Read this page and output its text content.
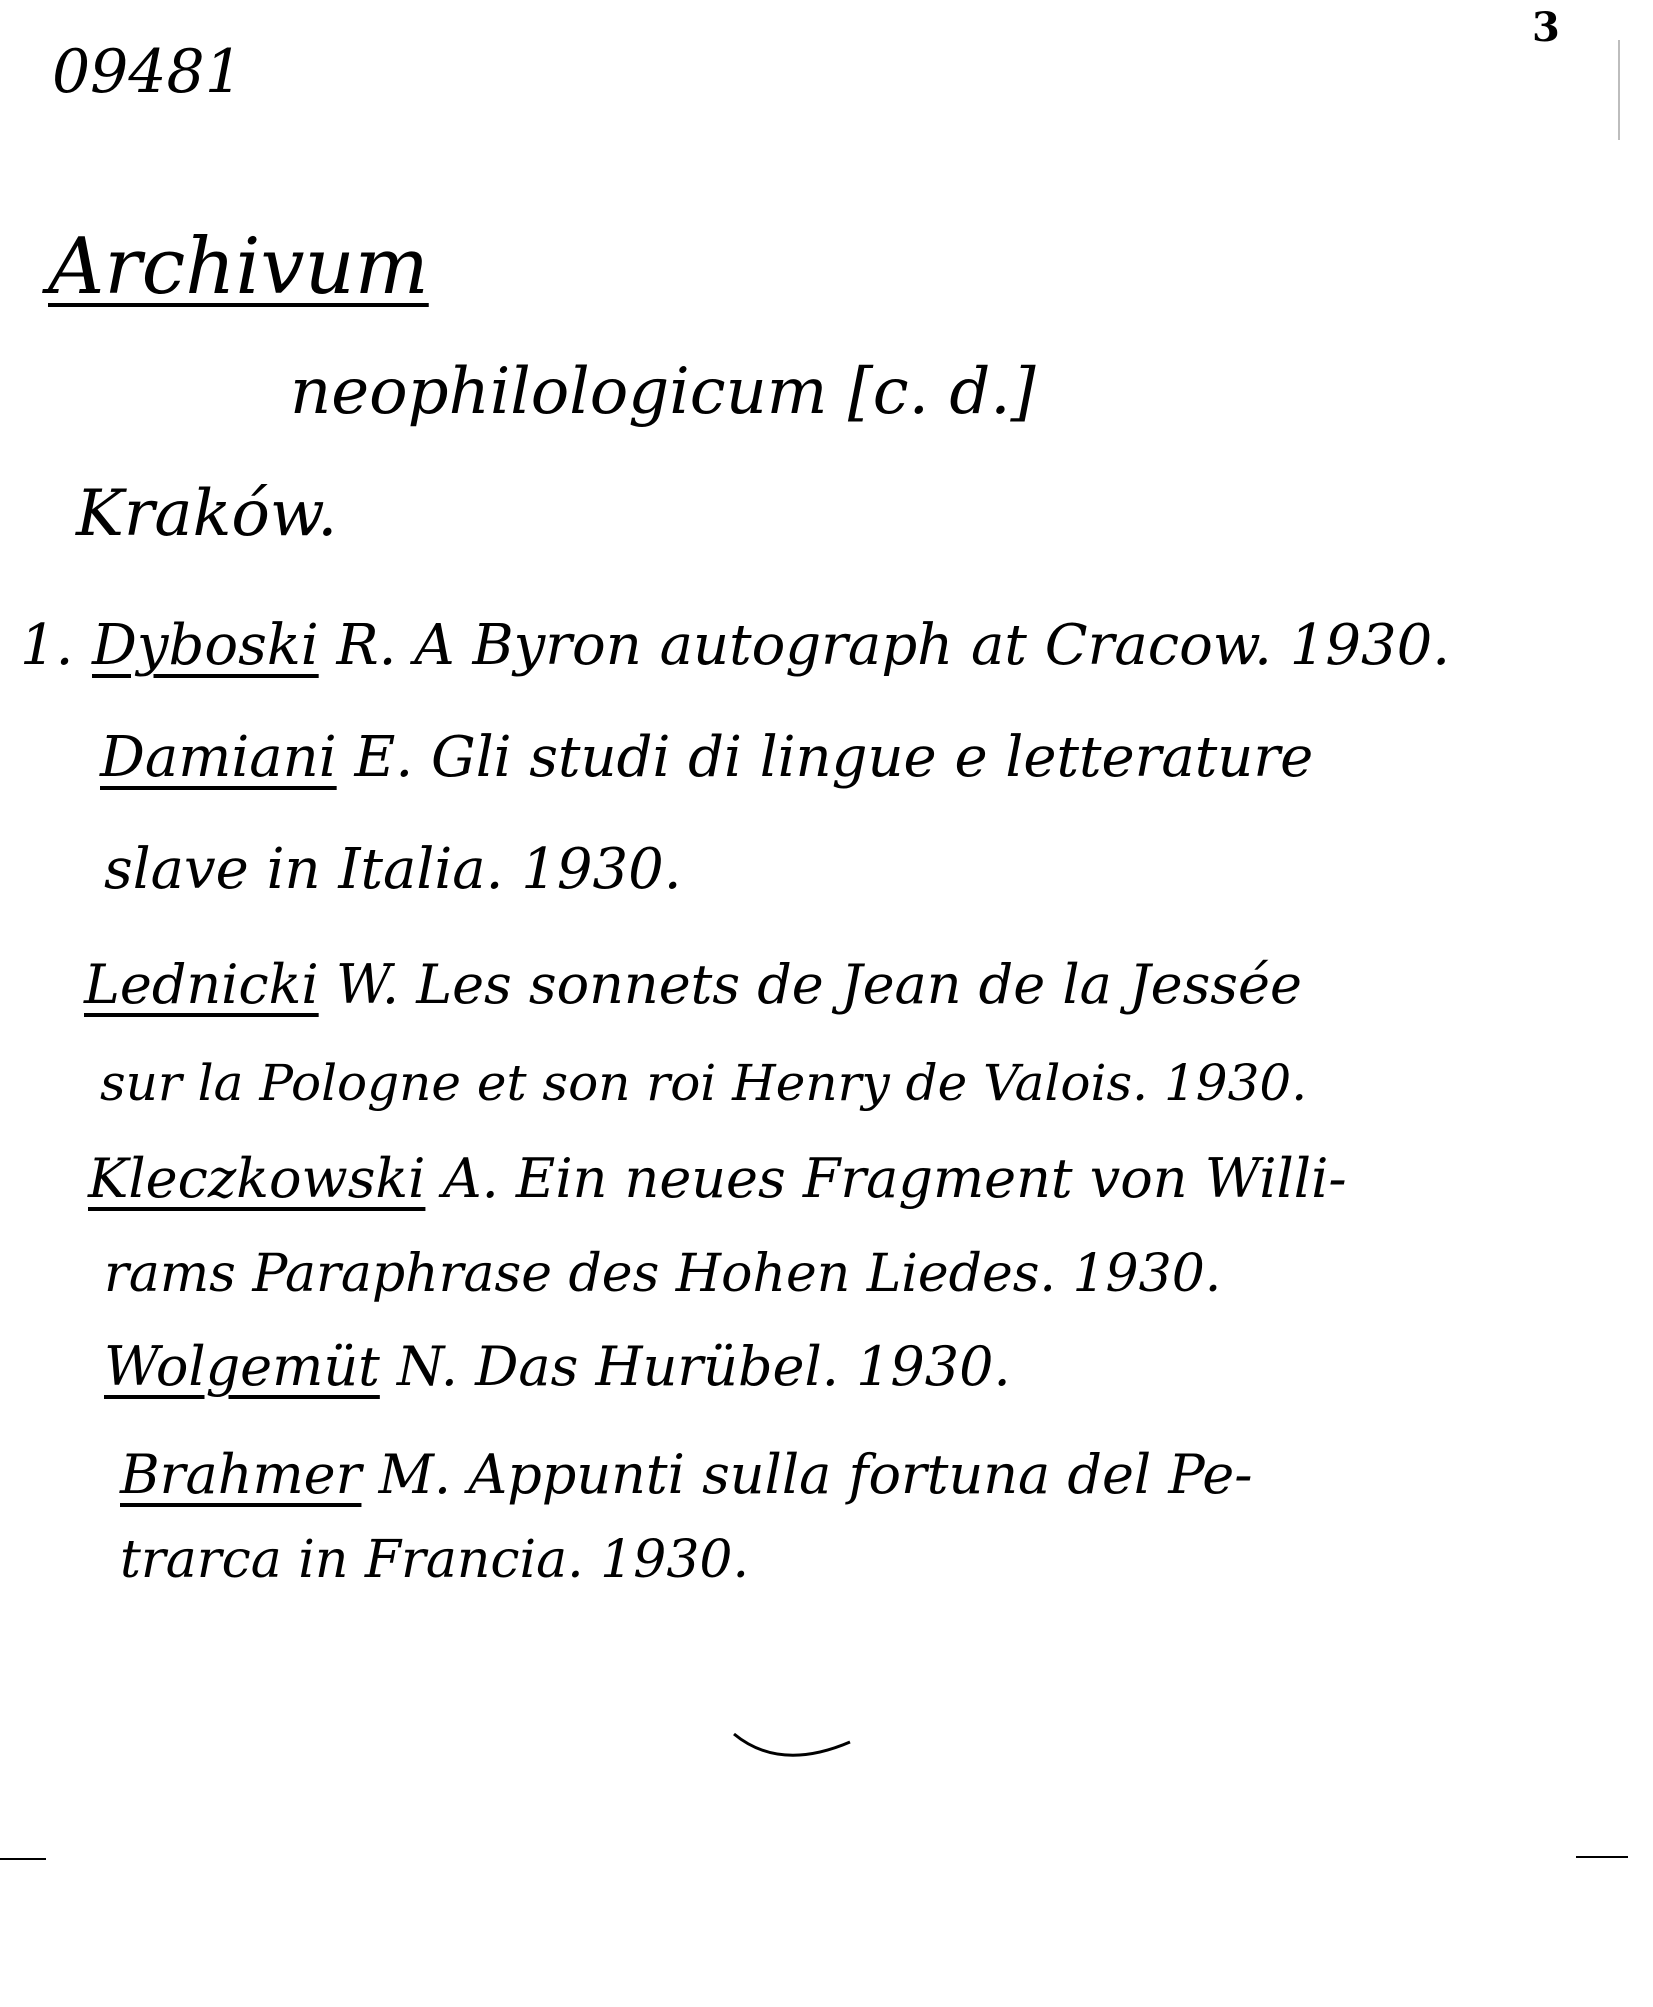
09481
3
Archivum
neophilologicum [c. d.]
Kraków.
1. Dyboski R. A Byron autograph at Cracow. 1930.
Damiani E. Gli studi di lingue e letterature
slave in Italia. 1930.
Lednicki W. Les sonnets de Jean de la Jessée
sur la Pologne et son roi Henry de Valois. 1930.
Kleczkowski A. Ein neues Fragment von Willi-
rams Paraphrase des Hohen Liedes. 1930.
Wolgemüt N. Das Hurübel. 1930.
Brahmer M. Appunti sulla fortuna del Pe-
trarca in Francia. 1930.
